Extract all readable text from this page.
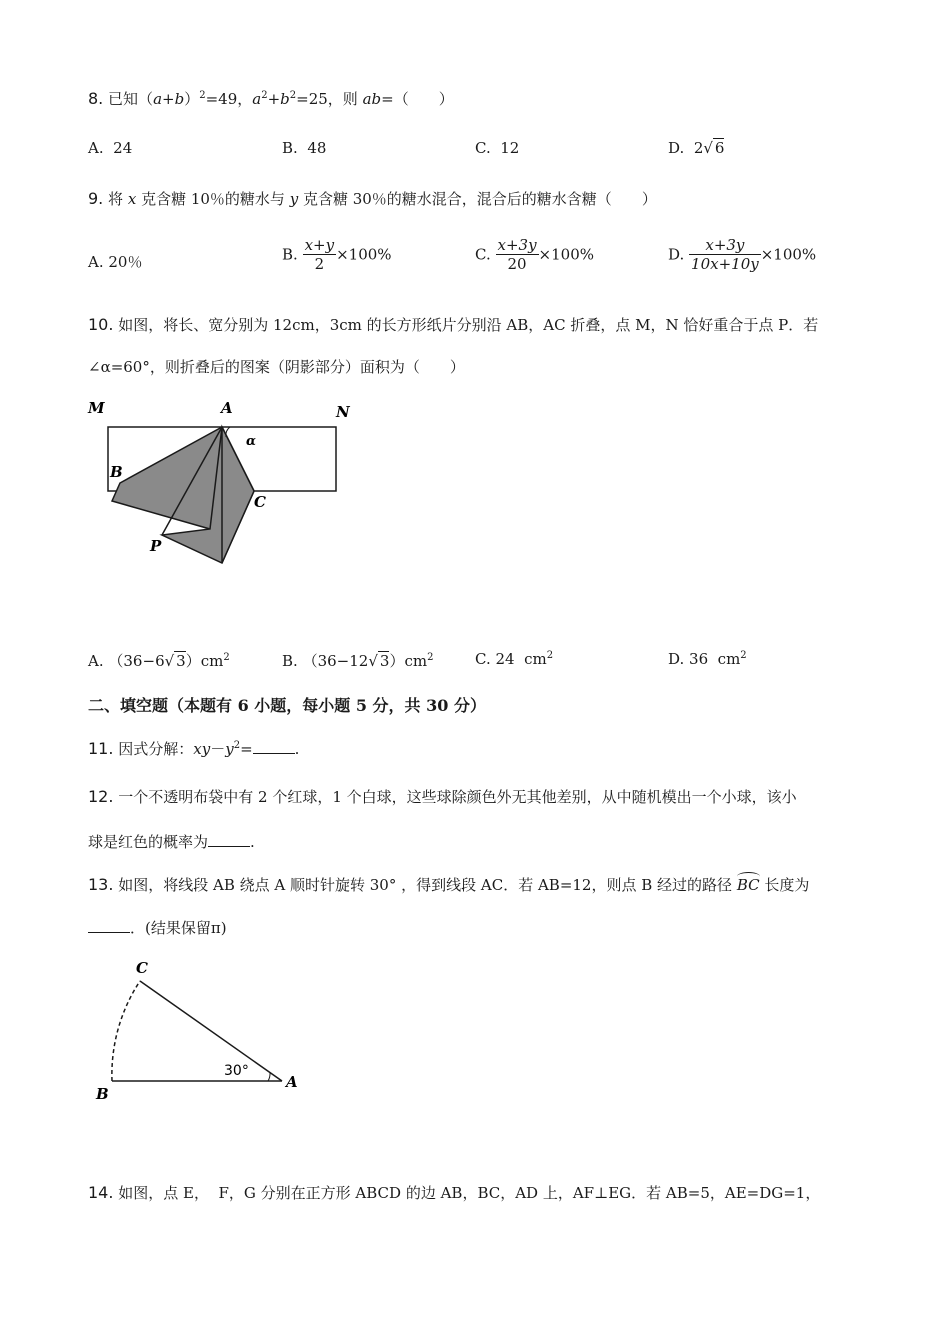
8. 已知$(a+b)^2=49$，$a^2+b^2=25$，则 ab=（　　）
A. 24	B. 48	C. 12	D. 2√ 6
9. 将 x 克含糖 10％的糖水与 y 克含糖 30％的糖水混合，混合后的糖水含糖（　　）
A. 20％	B. $\frac{x+y}{2} \times 100\%$	C. $\frac{x+3y}{20} \times 100\%$	D. $\frac{x+3y}{10x+10y} \times 100\%$
10. 如图，将长、宽分别为 12cm，3cm 的长方形纸片分别沿 AB，AC 折叠，点 M，N 恰好重合于点 P．若
∠α=60°，则折叠后的图案（阴影部分）面积为（　　）
M	A	N
B
C
P
α
A. （36−6√ $3)cm^2$	B. （36−12√ $3)cm^2$	C. 24  $cm^2$	D. 36  $cm^2$
二、填空题（本题有 6 小题，每小题 5 分，共 30 分）
11. 因式分解：$xy-y^2=$	.
12. 一个不透明布袋中有 2 个红球，1 个白球，这些球除颜色外无其他差别，从中随机模出一个小球，该小
球是红色的概率为	.
13. 如图，将线段 AB 绕点 A 顺时针旋转 30° ，得到线段 AC．若 AB=12，则点 B 经过的路径 BC 长度为
．(结果保留π)
C
B
A
30°
14. 如图，点 E，  F，G 分别在正方形 ABCD 的边 AB，BC，AD 上，AF⊥EG．若 AB=5，AE=DG=1，
